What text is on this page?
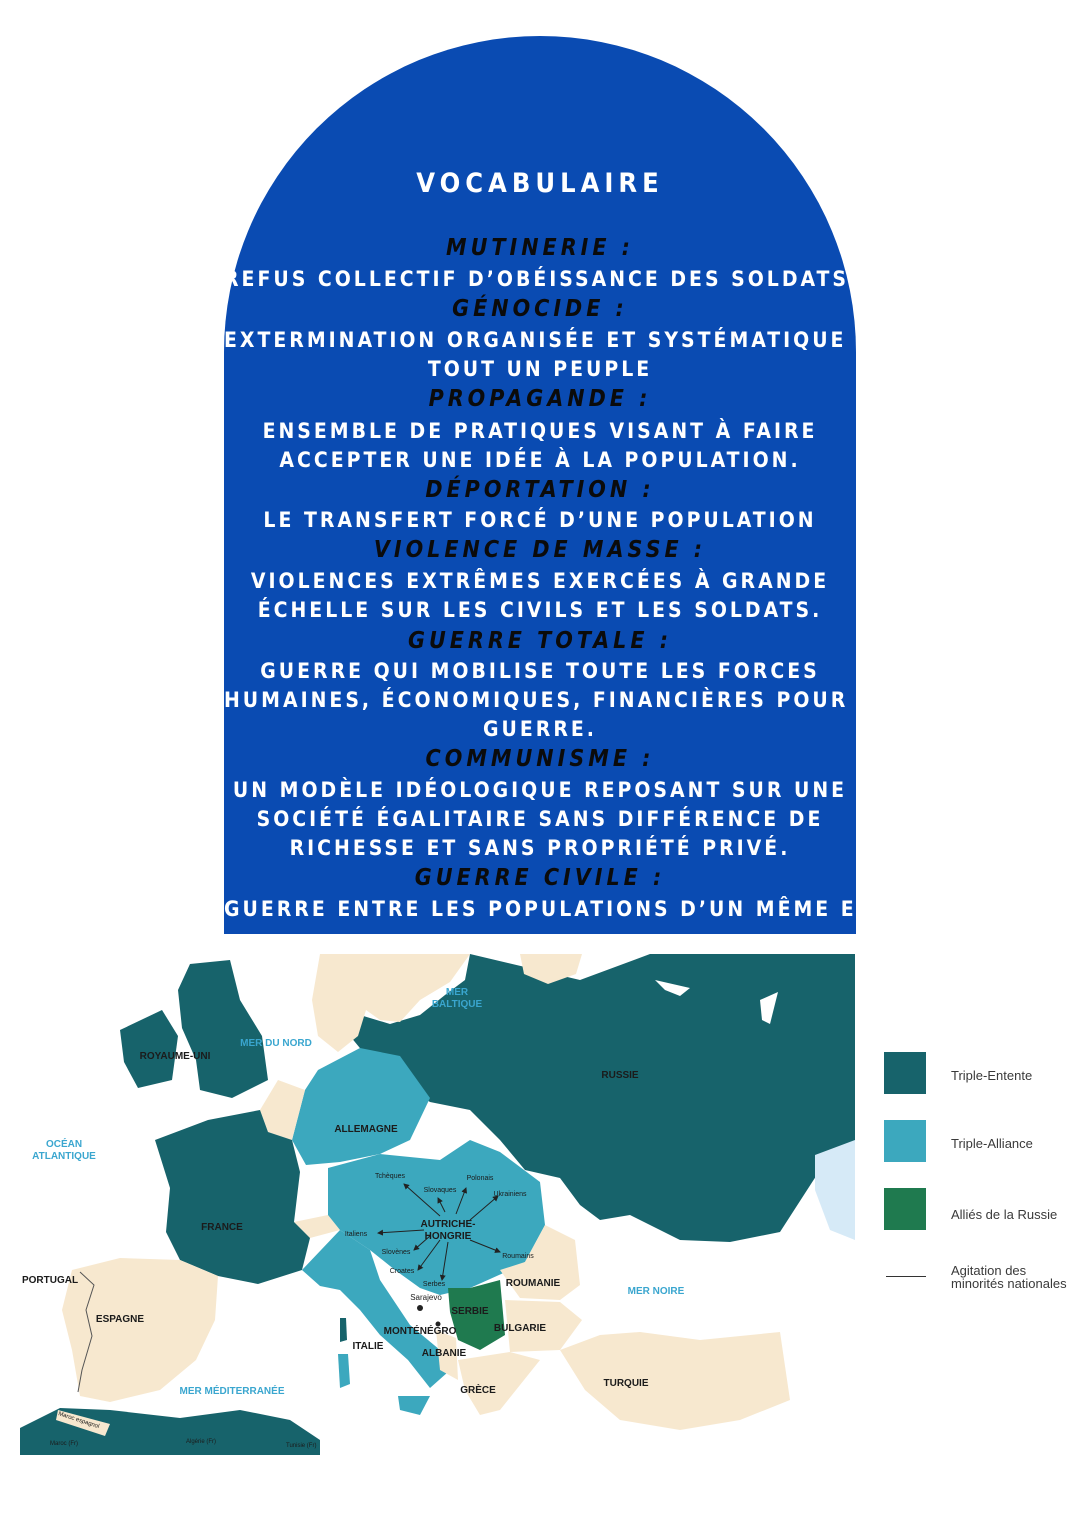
VOCABULAIRE
MUTINERIE :
REFUS COLLECTIF D’OBÉISSANCE DES SOLDATS.
GÉNOCIDE :
EXTERMINATION ORGANISÉE ET SYSTÉMATIQUE DE
TOUT UN PEUPLE
PROPAGANDE :
ENSEMBLE DE PRATIQUES VISANT À FAIRE
ACCEPTER UNE IDÉE À LA POPULATION.
DÉPORTATION :
LE TRANSFERT FORCÉ D’UNE POPULATION
VIOLENCE DE MASSE :
VIOLENCES EXTRÊMES EXERCÉES À GRANDE
ÉCHELLE SUR LES CIVILS ET LES SOLDATS.
GUERRE TOTALE :
GUERRE QUI MOBILISE TOUTE LES FORCES
HUMAINES, ÉCONOMIQUES, FINANCIÈRES POUR LA
GUERRE.
COMMUNISME :
UN MODÈLE IDÉOLOGIQUE REPOSANT SUR UNE
SOCIÉTÉ ÉGALITAIRE SANS DIFFÉRENCE DE
RICHESSE ET SANS PROPRIÉTÉ PRIVÉ.
GUERRE CIVILE :
GUERRE ENTRE LES POPULATIONS D’UN MÊME ETAT.
OCÉAN
ATLANTIQUE
MER DU NORD
MER
BALTIQUE
MER MÉDITERRANÉE
MER NOIRE
ROYAUME-UNI
RUSSIE
ALLEMAGNE
FRANCE
PORTUGAL
ESPAGNE
AUTRICHE-
HONGRIE
ROUMANIE
SERBIE
MONTÉNÉGRO	BULGARIE
ALBANIE
ITALIE
GRÈCE
TURQUIE
Tchèques	Polonais
Slovaques
Ukrainiens
Italiens
Slovènes
Croates
Serbes
Roumains
Sarajevo
Maroc espagnol
Maroc (Fr)	Algérie (Fr)
Tunisie (Fr)
Triple-Entente
Triple-Alliance
Alliés de la Russie
Agitation des
minorités nationales
